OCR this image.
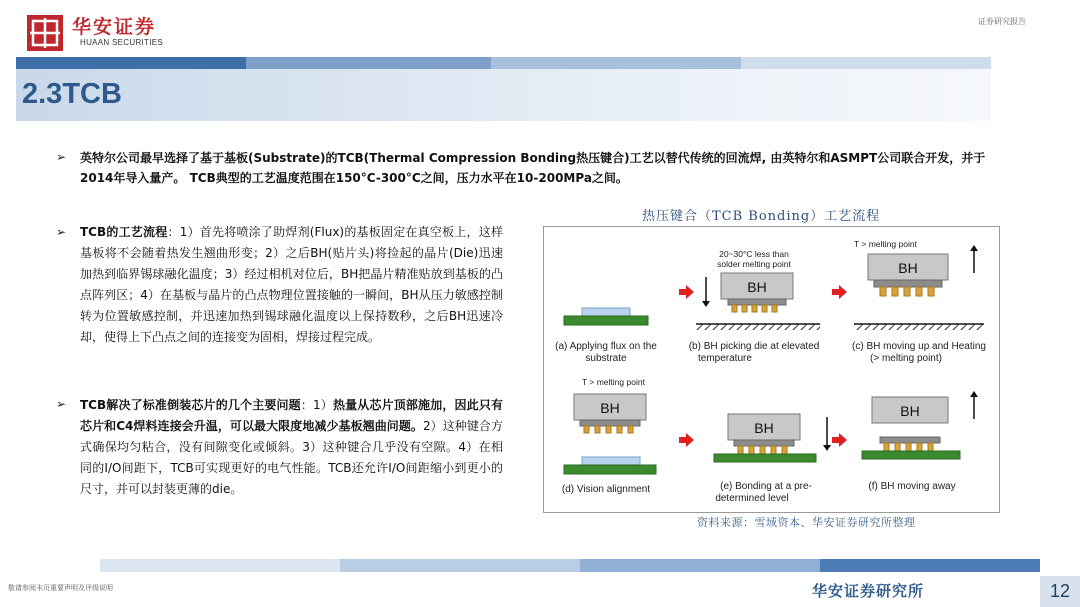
华安证券
HUAAN SECURITIES
证券研究报告
2.3TCB
➢ 英特尔公司最早选择了基于基板(Substrate)的TCB(Thermal Compression Bonding热压键合)工艺以替代传统的回流焊, 由英特尔和ASMPT公司联合开发，并于2014年导入量产。 TCB典型的工艺温度范围在150°C-300°C之间，压力水平在10-200MPa之间。
➢ TCB的工艺流程：1）首先将喷涂了助焊剂(Flux)的基板固定在真空板上，这样基板将不会随着热发生翘曲形变；2）之后BH(贴片头)将捡起的晶片(Die)迅速加热到临界锡球融化温度；3）经过相机对位后，BH把晶片精准贴放到基板的凸点阵列区；4）在基板与晶片的凸点物理位置接触的一瞬间，BH从压力敏感控制转为位置敏感控制，并迅速加热到锡球融化温度以上保持数秒，之后BH迅速冷却，使得上下凸点之间的连接变为固相，焊接过程完成。
➢ TCB解决了标准倒装芯片的几个主要问题：1）热量从芯片顶部施加，因此只有芯片和C4焊料连接会升温，可以最大限度地减少基板翘曲问题。2）这种键合方式确保均匀粘合，没有间隙变化或倾斜。3）这种键合几乎没有空隙。4）在相同的I/O间距下，TCB可实现更好的电气性能。TCB还允许I/O间距缩小到更小的尺寸，并可以封装更薄的die。
热压键合（TCB Bonding）工艺流程
(a) Applying flux on the
substrate
20~30°C less than
solder melting point
BH
(b) BH picking die at elevated
temperature
T > melting point
BH
(c) BH moving up and Heating
(> melting point)
T > melting point
BH
(d) Vision alignment
BH
(e) Bonding at a pre-
determined level
BH
(f) BH moving away
资料来源：雪域资本、华安证券研究所整理
敬请参阅末页重要声明及评级说明	华安证券研究所	12
